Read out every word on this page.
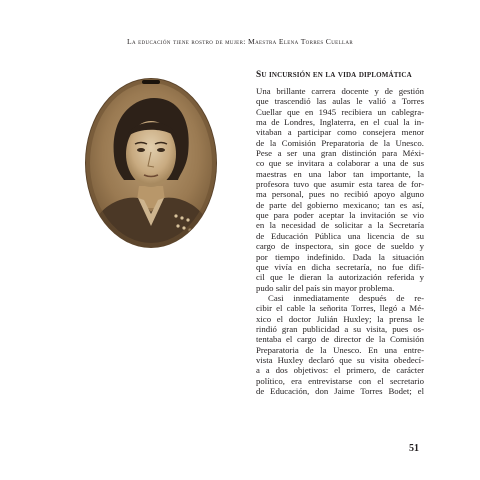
La educación tiene rostro de mujer: Maestra Elena Torres Cuellar
Su incursión en la vida diplomática

Una brillante carrera docente y de gestión
que trascendió las aulas le valió a Torres
Cuellar que en 1945 recibiera un cablegra-
ma de Londres, Inglaterra, en el cual la in-
vitaban a participar como consejera menor
de la Comisión Preparatoria de la Unesco.
Pese a ser una gran distinción para Méxi-
co que se invitara a colaborar a una de sus
maestras en una labor tan importante, la
profesora tuvo que asumir esta tarea de for-
ma personal, pues no recibió apoyo alguno
de parte del gobierno mexicano; tan es así,
que para poder aceptar la invitación se vio
en la necesidad de solicitar a la Secretaría
de Educación Pública una licencia de su
cargo de inspectora, sin goce de sueldo y
por tiempo indefinido. Dada la situación
que vivía en dicha secretaría, no fue difí-
cil que le dieran la autorización referida y
pudo salir del país sin mayor problema.

Casi inmediatamente después de re-
cibir el cable la señorita Torres, llegó a Mé-
xico el doctor Julián Huxley; la prensa le
rindió gran publicidad a su visita, pues os-
tentaba el cargo de director de la Comisión
Preparatoria de la Unesco. En una entre-
vista Huxley declaró que su visita obedecí-
a a dos objetivos: el primero, de carácter
político, era entrevistarse con el secretario
de Educación, don Jaime Torres Bodet; el

51
